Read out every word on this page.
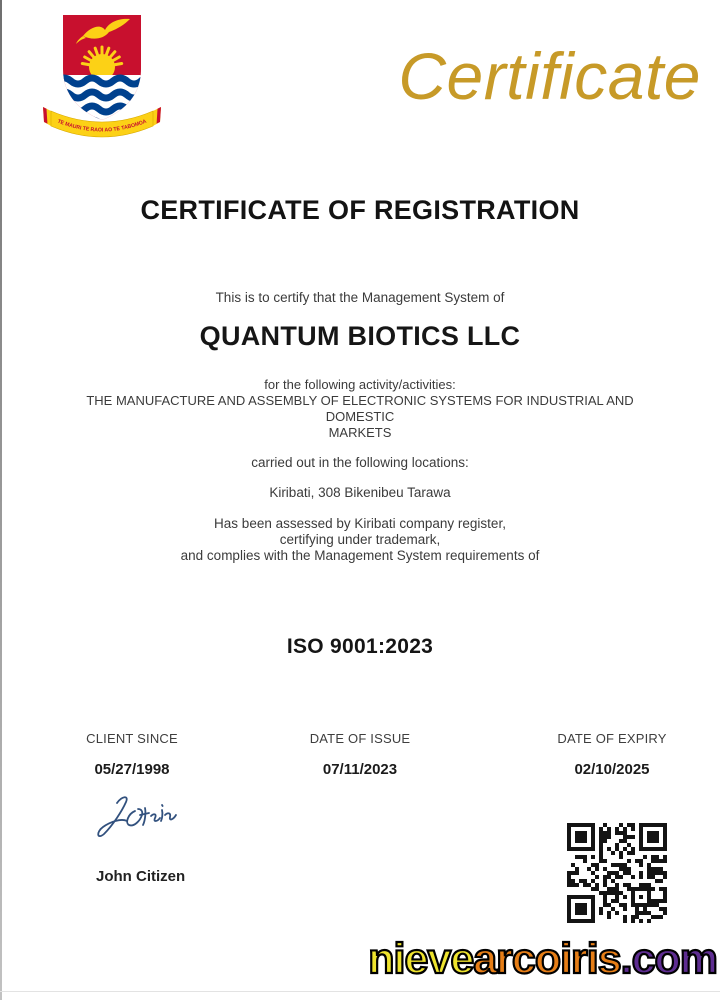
TE MAURI TE RAOI AO TE TABOMOA
Certificate
CERTIFICATE OF REGISTRATION
This is to certify that the Management System of
QUANTUM BIOTICS LLC
for the following activity/activities:
THE MANUFACTURE AND ASSEMBLY OF ELECTRONIC SYSTEMS FOR INDUSTRIAL AND
DOMESTIC
MARKETS
carried out in the following locations:
Kiribati, 308 Bikenibeu Tarawa
Has been assessed by Kiribati company register,
certifying under trademark,
and complies with the Management System requirements of
ISO 9001:2023
CLIENT SINCE
05/27/1998
DATE OF ISSUE
07/11/2023
DATE OF EXPIRY
02/10/2025
John Citizen
nievearcoiris.com
